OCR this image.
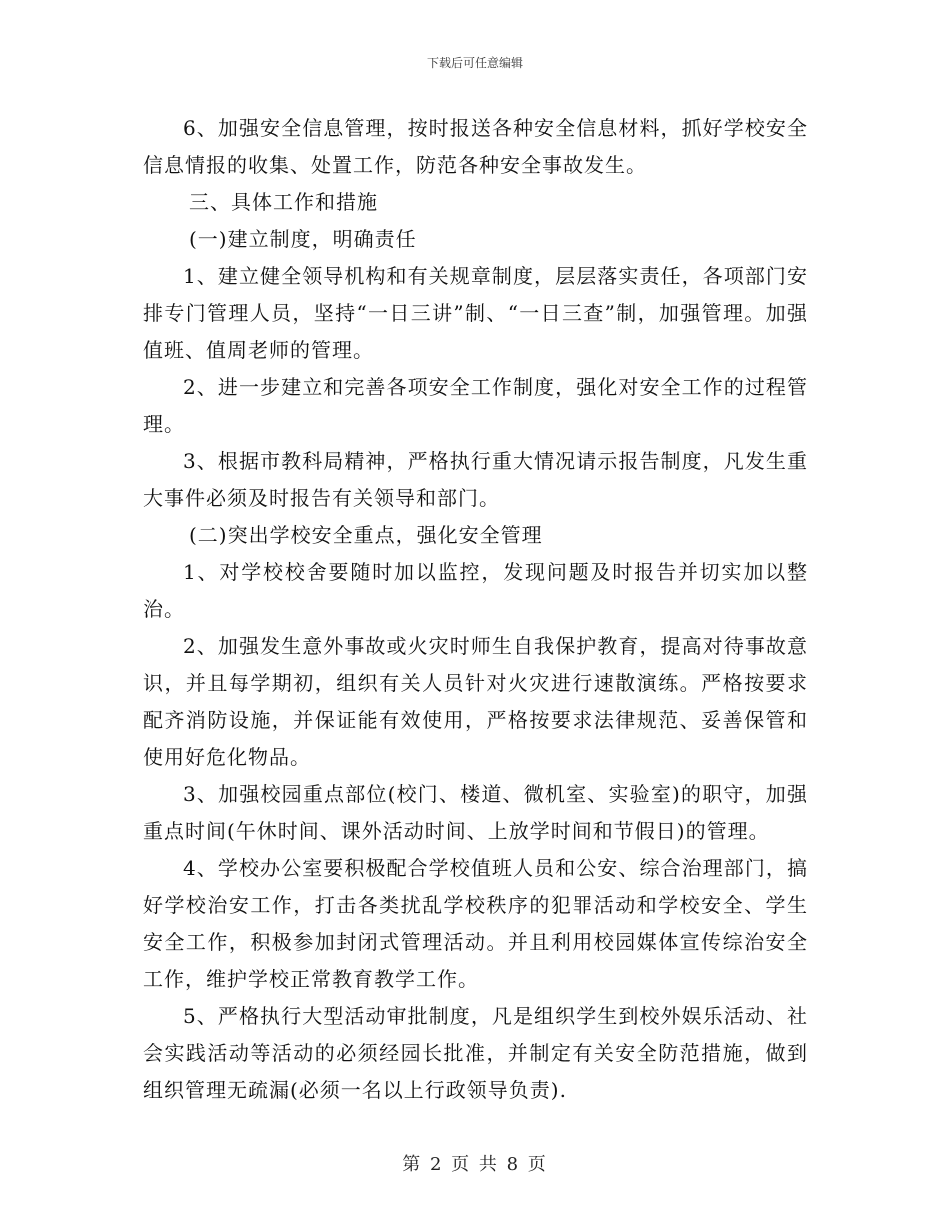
下载后可任意编辑

6、加强安全信息管理，按时报送各种安全信息材料，抓好学校安全信息情报的收集、处置工作，防范各种安全事故发生。

三、具体工作和措施

(一)建立制度，明确责任

1、建立健全领导机构和有关规章制度，层层落实责任，各项部门安排专门管理人员，坚持“一日三讲”制、“一日三查”制，加强管理。加强值班、值周老师的管理。

2、进一步建立和完善各项安全工作制度，强化对安全工作的过程管理。

3、根据市教科局精神，严格执行重大情况请示报告制度，凡发生重大事件必须及时报告有关领导和部门。

(二)突出学校安全重点，强化安全管理

1、对学校校舍要随时加以监控，发现问题及时报告并切实加以整治。

2、加强发生意外事故或火灾时师生自我保护教育，提高对待事故意识，并且每学期初，组织有关人员针对火灾进行速散演练。严格按要求配齐消防设施，并保证能有效使用，严格按要求法律规范、妥善保管和使用好危化物品。

3、加强校园重点部位(校门、楼道、微机室、实验室)的职守，加强重点时间(午休时间、课外活动时间、上放学时间和节假日)的管理。

4、学校办公室要积极配合学校值班人员和公安、综合治理部门，搞好学校治安工作，打击各类扰乱学校秩序的犯罪活动和学校安全、学生安全工作，积极参加封闭式管理活动。并且利用校园媒体宣传综治安全工作，维护学校正常教育教学工作。

5、严格执行大型活动审批制度，凡是组织学生到校外娱乐活动、社会实践活动等活动的必须经园长批准，并制定有关安全防范措施，做到组织管理无疏漏(必须一名以上行政领导负责).

第 2 页 共 8 页
